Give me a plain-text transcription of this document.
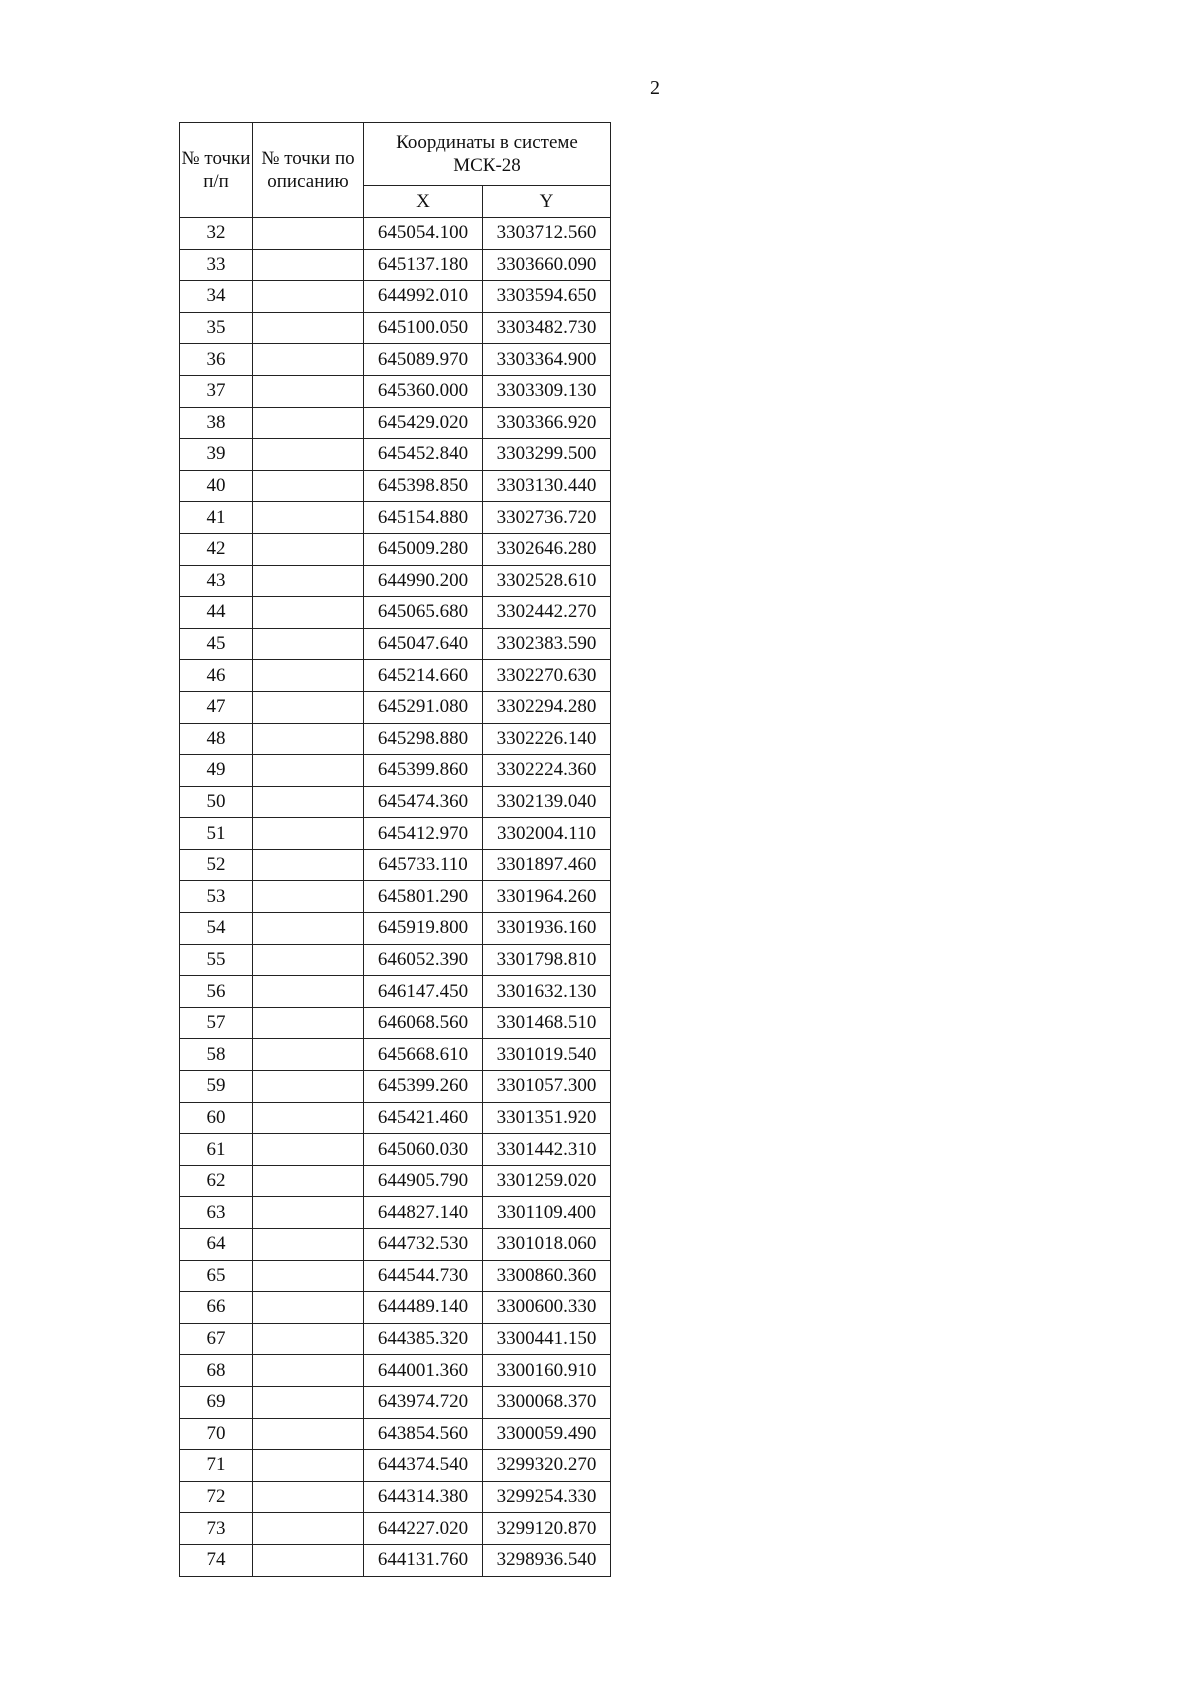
2
№ точки п/п	№ точки по описанию	Координаты в системе МСК-28	
		X	Y
32		645054.100	3303712.560
33		645137.180	3303660.090
34		644992.010	3303594.650
35		645100.050	3303482.730
36		645089.970	3303364.900
37		645360.000	3303309.130
38		645429.020	3303366.920
39		645452.840	3303299.500
40		645398.850	3303130.440
41		645154.880	3302736.720
42		645009.280	3302646.280
43		644990.200	3302528.610
44		645065.680	3302442.270
45		645047.640	3302383.590
46		645214.660	3302270.630
47		645291.080	3302294.280
48		645298.880	3302226.140
49		645399.860	3302224.360
50		645474.360	3302139.040
51		645412.970	3302004.110
52		645733.110	3301897.460
53		645801.290	3301964.260
54		645919.800	3301936.160
55		646052.390	3301798.810
56		646147.450	3301632.130
57		646068.560	3301468.510
58		645668.610	3301019.540
59		645399.260	3301057.300
60		645421.460	3301351.920
61		645060.030	3301442.310
62		644905.790	3301259.020
63		644827.140	3301109.400
64		644732.530	3301018.060
65		644544.730	3300860.360
66		644489.140	3300600.330
67		644385.320	3300441.150
68		644001.360	3300160.910
69		643974.720	3300068.370
70		643854.560	3300059.490
71		644374.540	3299320.270
72		644314.380	3299254.330
73		644227.020	3299120.870
74		644131.760	3298936.540
